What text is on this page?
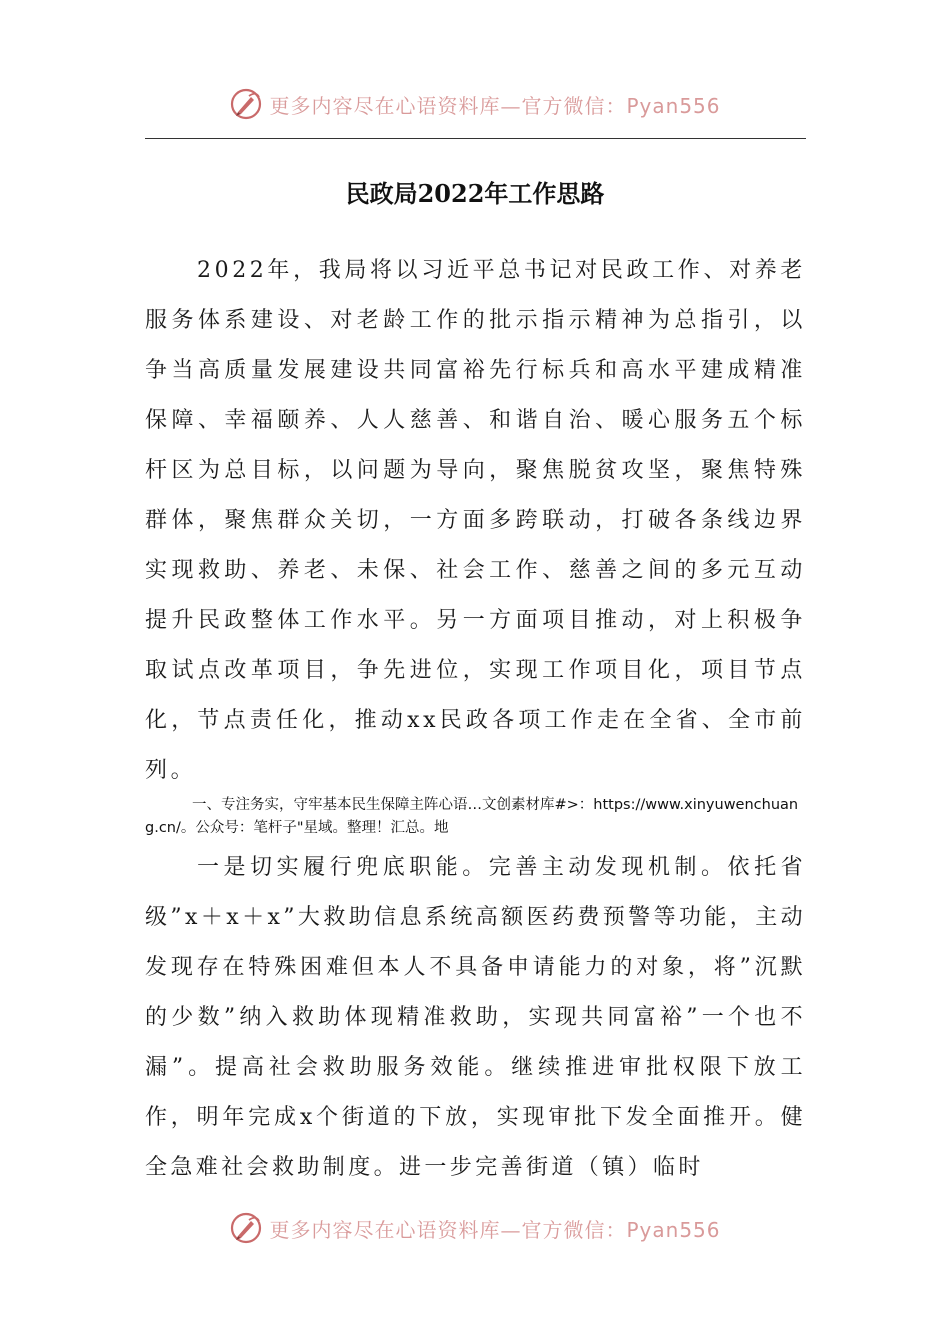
更多内容尽在心语资料库—官方微信：Pyan556
民政局2022年工作思路

2022年，我局将以习近平总书记对民政工作、对养老服务体系建设、对老龄工作的批示指示精神为总指引，以争当高质量发展建设共同富裕先行标兵和高水平建成精准保障、幸福颐养、人人慈善、和谐自治、暖心服务五个标杆区为总目标，以问题为导向，聚焦脱贫攻坚，聚焦特殊群体，聚焦群众关切，一方面多跨联动，打破各条线边界实现救助、养老、未保、社会工作、慈善之间的多元互动提升民政整体工作水平。另一方面项目推动，对上积极争取试点改革项目，争先进位，实现工作项目化，项目节点化，节点责任化，推动xx民政各项工作走在全省、全市前列。

一、专注务实，守牢基本民生保障主阵心语…文创素材库#>：https://www.xinyuwenchuang.cn/。公众号：笔杆子"星域。整理！汇总。地

一是切实履行兜底职能。完善主动发现机制。依托省级”x＋x＋x”大救助信息系统高额医药费预警等功能，主动发现存在特殊困难但本人不具备申请能力的对象，将”沉默的少数”纳入救助体现精准救助，实现共同富裕”一个也不漏”。提高社会救助服务效能。继续推进审批权限下放工作，明年完成x个街道的下放，实现审批下发全面推开。健全急难社会救助制度。进一步完善街道（镇）临时

更多内容尽在心语资料库—官方微信：Pyan556
